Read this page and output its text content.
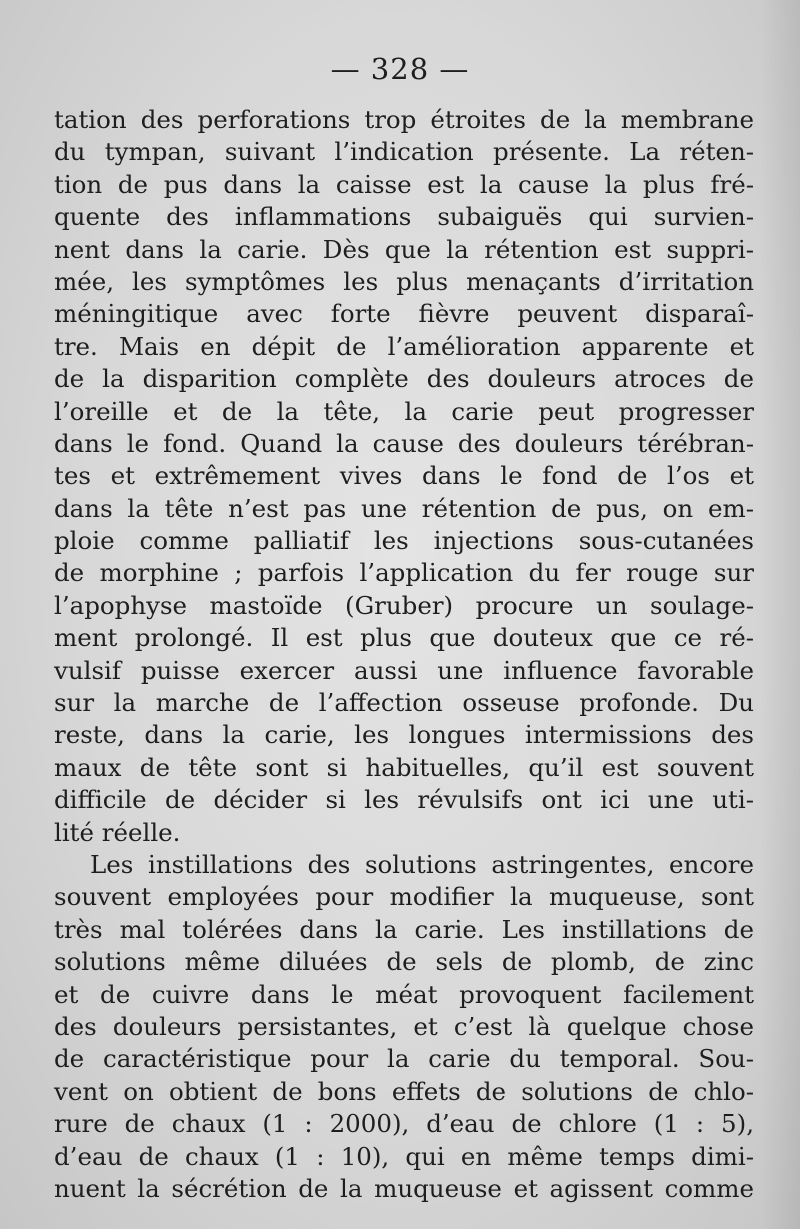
— 328 —
tation des perforations trop étroites de la membrane
du tympan, suivant l’indication présente. La réten-
tion de pus dans la caisse est la cause la plus fré-
quente des inflammations subaiguës qui survien-
nent dans la carie. Dès que la rétention est suppri-
mée, les symptômes les plus menaçants d’irritation
méningitique avec forte fièvre peuvent disparaî-
tre. Mais en dépit de l’amélioration apparente et
de la disparition complète des douleurs atroces de
l’oreille et de la tête, la carie peut progresser
dans le fond. Quand la cause des douleurs térébran-
tes et extrêmement vives dans le fond de l’os et
dans la tête n’est pas une rétention de pus, on em-
ploie comme palliatif les injections sous-cutanées
de morphine ; parfois l’application du fer rouge sur
l’apophyse mastoïde (Gruber) procure un soulage-
ment prolongé. Il est plus que douteux que ce ré-
vulsif puisse exercer aussi une influence favorable
sur la marche de l’affection osseuse profonde. Du
reste, dans la carie, les longues intermissions des
maux de tête sont si habituelles, qu’il est souvent
difficile de décider si les révulsifs ont ici une uti-
lité réelle.
Les instillations des solutions astringentes, encore
souvent employées pour modifier la muqueuse, sont
très mal tolérées dans la carie. Les instillations de
solutions même diluées de sels de plomb, de zinc
et de cuivre dans le méat provoquent facilement
des douleurs persistantes, et c’est là quelque chose
de caractéristique pour la carie du temporal. Sou-
vent on obtient de bons effets de solutions de chlo-
rure de chaux (1 : 2000), d’eau de chlore (1 : 5),
d’eau de chaux (1 : 10), qui en même temps dimi-
nuent la sécrétion de la muqueuse et agissent comme
